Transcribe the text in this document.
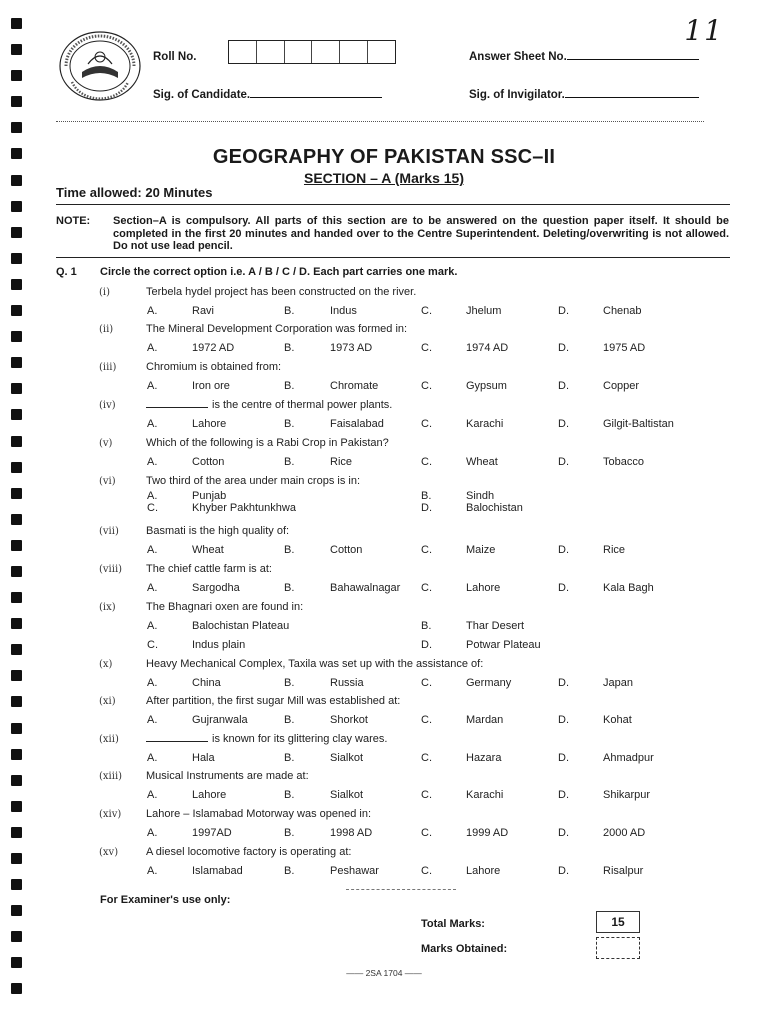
11
Roll No.	Answer Sheet No.
Sig. of Candidate.	Sig. of Invigilator.
GEOGRAPHY OF PAKISTAN SSC–II
SECTION – A (Marks 15)
Time allowed: 20 Minutes
NOTE: Section–A is compulsory. All parts of this section are to be answered on the question paper itself. It should be completed in the first 20 minutes and handed over to the Centre Superintendent. Deleting/overwriting is not allowed. Do not use lead pencil.
Q. 1 Circle the correct option i.e. A / B / C / D. Each part carries one mark.
(i)	Terbela hydel project has been constructed on the river.
A.	Ravi	B.	Indus	C.	Jhelum	D.	Chenab
(ii)	The Mineral Development Corporation was formed in:
A.	1972 AD	B.	1973 AD	C.	1974 AD	D.	1975 AD
(iii)	Chromium is obtained from:
A.	Iron ore	B.	Chromate	C.	Gypsum	D.	Copper
(iv)	is the centre of thermal power plants.
A.	Lahore	B.	Faisalabad	C.	Karachi	D.	Gilgit-Baltistan
(v)	Which of the following is a Rabi Crop in Pakistan?
A.	Cotton	B.	Rice	C.	Wheat	D.	Tobacco
(vi)	Two third of the area under main crops is in:
A.	Punjab	B.	Sindh
C.	Khyber Pakhtunkhwa	D.	Balochistan
(vii) Basmati is the high quality of:
A.	Wheat	B.	Cotton	C.	Maize	D.	Rice
(viii) The chief cattle farm is at:
A.	Sargodha	B.	Bahawalnagar C.	Lahore	D.	Kala Bagh
(ix)	The Bhagnari oxen are found in:
A.	Balochistan Plateau	B.	Thar Desert
C.	Indus plain	D.	Potwar Plateau
(x)	Heavy Mechanical Complex, Taxila was set up with the assistance of:
A.	China	B.	Russia	C.	Germany	D.	Japan
(xi)	After partition, the first sugar Mill was established at:
A.	Gujranwala	B.	Shorkot	C.	Mardan	D.	Kohat
(xii)	is known for its glittering clay wares.
A.	Hala	B.	Sialkot	C.	Hazara	D.	Ahmadpur
(xiii) Musical Instruments are made at:
A.	Lahore	B.	Sialkot	C.	Karachi	D.	Shikarpur
(xiv) Lahore – Islamabad Motorway was opened in:
A.	1997AD	B.	1998 AD	C.	1999 AD	D.	2000 AD
(xv)	A diesel locomotive factory is operating at:
A.	Islamabad	B.	Peshawar	C.	Lahore	D.	Risalpur
For Examiner's use only:
Total Marks:	15
Marks Obtained:
—— 2SA 1704 ——
